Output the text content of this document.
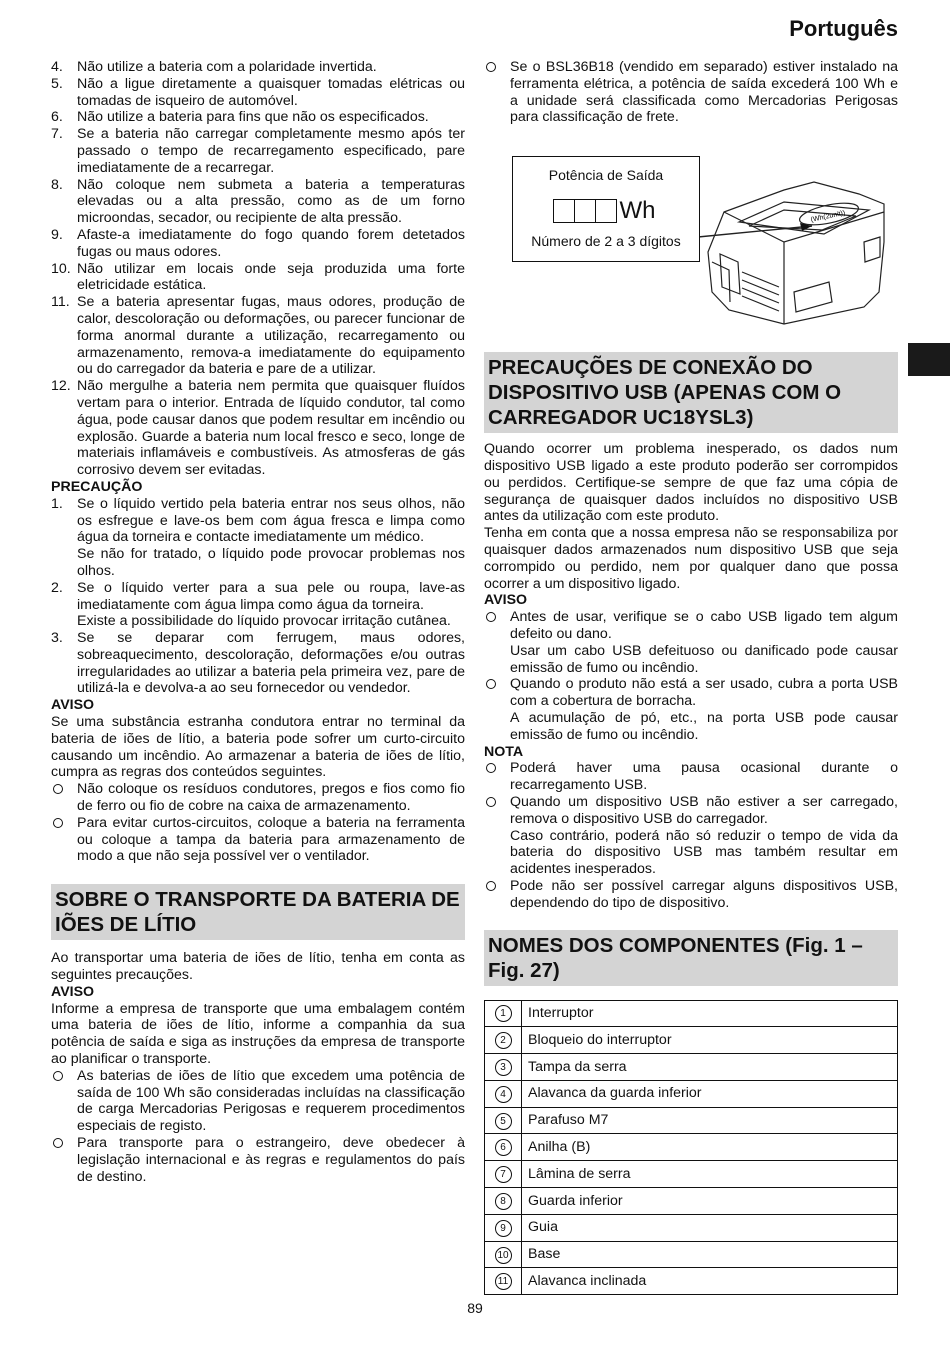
Português
4. Não utilize a bateria com a polaridade invertida.
5. Não a ligue diretamente a quaisquer tomadas elétricas ou tomadas de isqueiro de automóvel.
6. Não utilize a bateria para fins que não os especificados.
7. Se a bateria não carregar completamente mesmo após ter passado o tempo de recarregamento especificado, pare imediatamente de a recarregar.
8. Não coloque nem submeta a bateria a temperaturas elevadas ou a alta pressão, como as de um forno microondas, secador, ou recipiente de alta pressão.
9. Afaste-a imediatamente do fogo quando forem detetados fugas ou maus odores.
10. Não utilizar em locais onde seja produzida uma forte eletricidade estática.
11. Se a bateria apresentar fugas, maus odores, produção de calor, descoloração ou deformações, ou parecer funcionar de forma anormal durante a utilização, recarregamento ou armazenamento, remova-a imediatamente do equipamento ou do carregador da bateria e pare de a utilizar.
12. Não mergulhe a bateria nem permita que quaisquer fluídos vertam para o interior. Entrada de líquido condutor, tal como água, pode causar danos que podem resultar em incêndio ou explosão. Guarde a bateria num local fresco e seco, longe de materiais inflamáveis e combustíveis. As atmosferas de gás corrosivo devem ser evitadas.
PRECAUÇÃO
1. Se o líquido vertido pela bateria entrar nos seus olhos, não os esfregue e lave-os bem com água fresca e limpa como água da torneira e contacte imediatamente um médico.
Se não for tratado, o líquido pode provocar problemas nos olhos.
2. Se o líquido verter para a sua pele ou roupa, lave-as imediatamente com água limpa como água da torneira.
Existe a possibilidade do líquido provocar irritação cutânea.
3. Se se deparar com ferrugem, maus odores, sobreaquecimento, descoloração, deformações e/ou outras irregularidades ao utilizar a bateria pela primeira vez, pare de utilizá-la e devolva-a ao seu fornecedor ou vendedor.
AVISO
Se uma substância estranha condutora entrar no terminal da bateria de iões de lítio, a bateria pode sofrer um curto-circuito causando um incêndio. Ao armazenar a bateria de iões de lítio, cumpra as regras dos conteúdos seguintes.
Não coloque os resíduos condutores, pregos e fios como fio de ferro ou fio de cobre na caixa de armazenamento.
Para evitar curtos-circuitos, coloque a bateria na ferramenta ou coloque a tampa da bateria para armazenamento de modo a que não seja possível ver o ventilador.
SOBRE O TRANSPORTE DA BATERIA DE IÕES DE LÍTIO
Ao transportar uma bateria de iões de lítio, tenha em conta as seguintes precauções.
AVISO
Informe a empresa de transporte que uma embalagem contém uma bateria de iões de lítio, informe a companhia da sua potência de saída e siga as instruções da empresa de transporte ao planificar o transporte.
As baterias de iões de lítio que excedem uma potência de saída de 100 Wh são consideradas incluídas na classificação de carga Mercadorias Perigosas e requerem procedimentos especiais de registo.
Para transporte para o estrangeiro, deve obedecer à legislação internacional e às regras e regulamentos do país de destino.
Se o BSL36B18 (vendido em separado) estiver instalado na ferramenta elétrica, a potência de saída excederá 100 Wh e a unidade será classificada como Mercadorias Perigosas para classificação de frete.
(Wh(2unit))
Potência de Saída
Wh
Número de 2 a 3 dígitos
PRECAUÇÕES DE CONEXÃO DO DISPOSITIVO USB (APENAS COM O CARREGADOR UC18YSL3)
Quando ocorrer um problema inesperado, os dados num dispositivo USB ligado a este produto poderão ser corrompidos ou perdidos. Certifique-se sempre de que faz uma cópia de segurança de quaisquer dados incluídos no dispositivo USB antes da utilização com este produto.
Tenha em conta que a nossa empresa não se responsabiliza por quaisquer dados armazenados num dispositivo USB que seja corrompido ou perdido, nem por qualquer dano que possa ocorrer a um dispositivo ligado.
AVISO
Antes de usar, verifique se o cabo USB ligado tem algum defeito ou dano.
Usar um cabo USB defeituoso ou danificado pode causar emissão de fumo ou incêndio.
Quando o produto não está a ser usado, cubra a porta USB com a cobertura de borracha.
A acumulação de pó, etc., na porta USB pode causar emissão de fumo ou incêndio.
NOTA
Poderá haver uma pausa ocasional durante o recarregamento USB.
Quando um dispositivo USB não estiver a ser carregado, remova o dispositivo USB do carregador.
Caso contrário, poderá não só reduzir o tempo de vida da bateria do dispositivo USB mas também resultar em acidentes inesperados.
Pode não ser possível carregar alguns dispositivos USB, dependendo do tipo de dispositivo.
NOMES DOS COMPONENTES (Fig. 1 – Fig. 27)
1	Interruptor
2	Bloqueio do interruptor
3	Tampa da serra
4	Alavanca da guarda inferior
5	Parafuso M7
6	Anilha (B)
7	Lâmina de serra
8	Guarda inferior
9	Guia
10	Base
11	Alavanca inclinada
89
